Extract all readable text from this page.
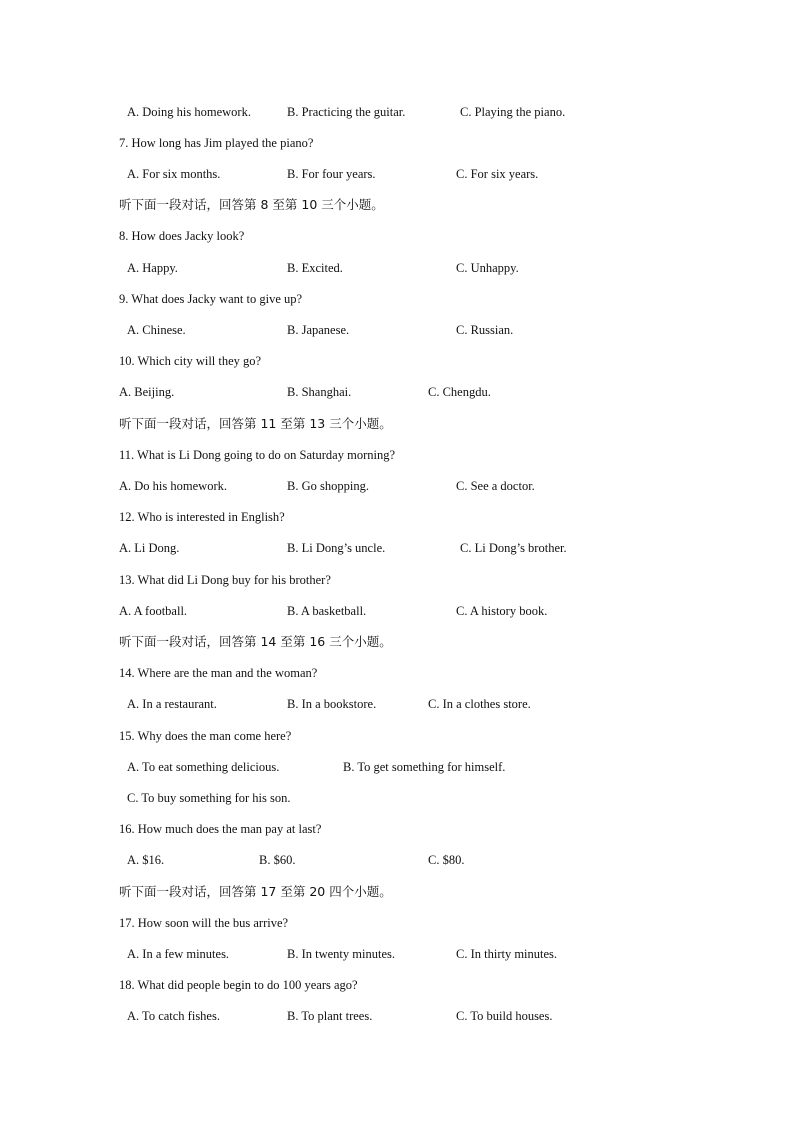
A. Doing his homework.	B. Practicing the guitar.	C. Playing the piano.
7. How long has Jim played the piano?
A. For six months.	B. For four years.	C. For six years.
听下面一段对话，回答第 8 至第 10 三个小题。
8. How does Jacky look?
A. Happy.	B. Excited.	C. Unhappy.
9. What does Jacky want to give up?
A. Chinese.	B. Japanese.	C. Russian.
10. Which city will they go?
A. Beijing.	B. Shanghai.	C. Chengdu.
听下面一段对话，回答第 11 至第 13 三个小题。
11. What is Li Dong going to do on Saturday morning?
A. Do his homework.	B. Go shopping.	C. See a doctor.
12. Who is interested in English?
A. Li Dong.	B. Li Dong’s uncle.	C. Li Dong’s brother.
13. What did Li Dong buy for his brother?
A. A football.	B. A basketball.	C. A history book.
听下面一段对话，回答第 14 至第 16 三个小题。
14. Where are the man and the woman?
A. In a restaurant.	B. In a bookstore.	C. In a clothes store.
15. Why does the man come here?
A. To eat something delicious.	B. To get something for himself.
C. To buy something for his son.
16. How much does the man pay at last?
A. $16.	B. $60.	C. $80.
听下面一段对话，回答第 17 至第 20 四个小题。
17. How soon will the bus arrive?
A. In a few minutes.	B. In twenty minutes.	C. In thirty minutes.
18. What did people begin to do 100 years ago?
A. To catch fishes.	B. To plant trees.	C. To build houses.
